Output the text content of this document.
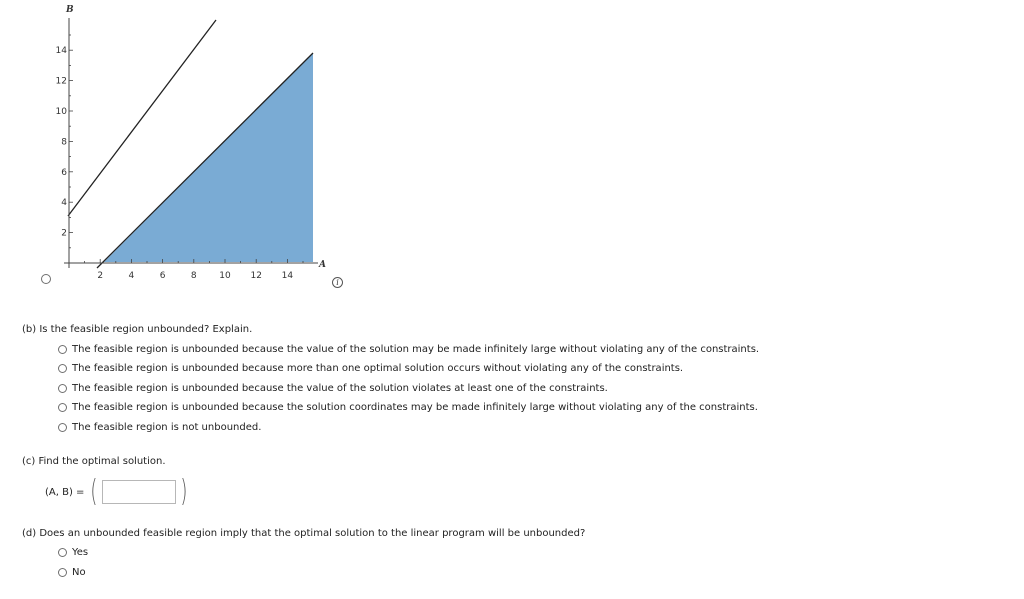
2
4
6
8
10
12
14
2	4	6	8	10 12 14
B
A
i
(b) Is the feasible region unbounded? Explain.
The feasible region is unbounded because the value of the solution may be made infinitely large without violating any of the constraints.
The feasible region is unbounded because more than one optimal solution occurs without violating any of the constraints.
The feasible region is unbounded because the value of the solution violates at least one of the constraints.
The feasible region is unbounded because the solution coordinates may be made infinitely large without violating any of the constraints.
The feasible region is not unbounded.
(c) Find the optimal solution.
(A, B) = (	)
(d) Does an unbounded feasible region imply that the optimal solution to the linear program will be unbounded?
Yes
No
